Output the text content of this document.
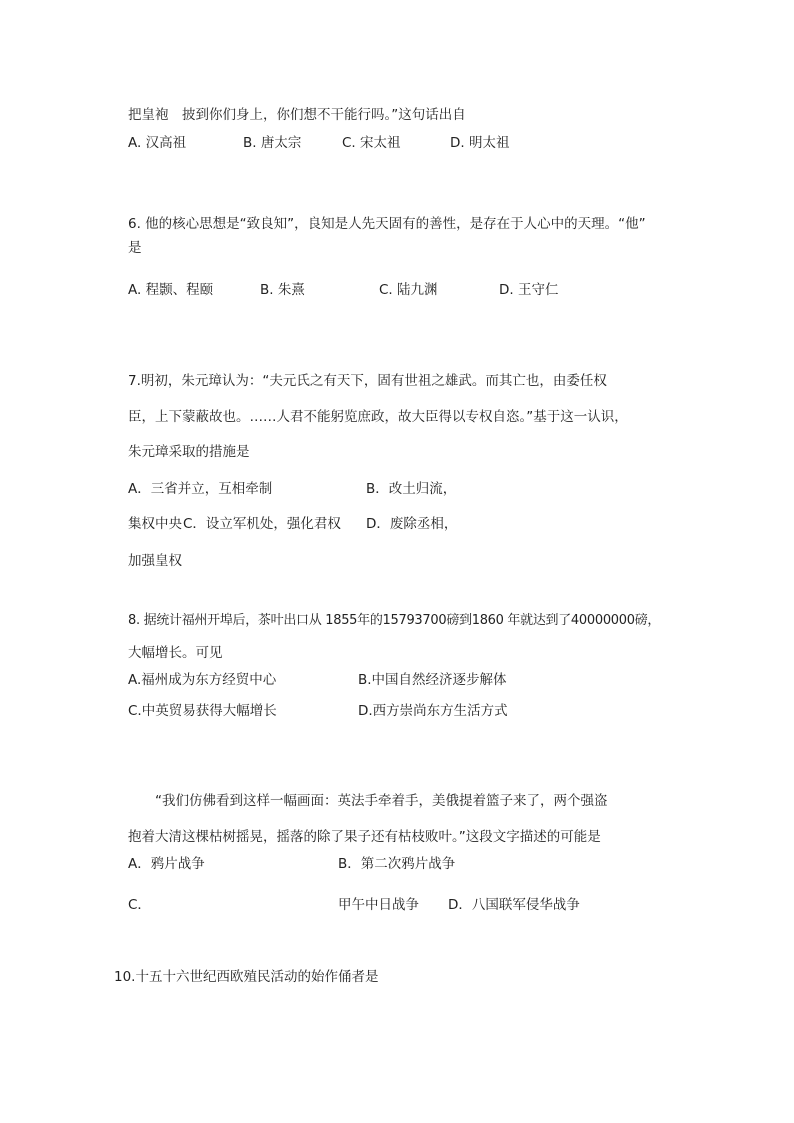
把皇袍　披到你们身上，你们想不干能行吗。”这句话出自
A. 汉高祖	B. 唐太宗	C. 宋太祖	D. 明太祖
6. 他的核心思想是“致良知”，良知是人先天固有的善性，是存在于人心中的天理。“他”
是
A. 程颢、程颐	B. 朱熹	C. 陆九渊	D. 王守仁
7.明初，朱元璋认为：“夫元氏之有天下，固有世祖之雄武。而其亡也，由委任权
臣，上下蒙蔽故也。……人君不能躬览庶政，故大臣得以专权自恣。”基于这一认识，
朱元璋采取的措施是
A．三省并立，互相牵制	B．改土归流，
集权中央 C．设立军机处，强化君权 D．废除丞相，
加强皇权
8. 据统计福州开埠后，茶叶出口从 1855年的15793700磅到1860 年就达到了40000000磅，
大幅增长。可见
A.福州成为东方经贸中心	B.中国自然经济逐步解体
C.中英贸易获得大幅增长	D.西方崇尚东方生活方式
“我们仿佛看到这样一幅画面：英法手牵着手，美俄提着篮子来了，两个强盗
抱着大清这棵枯树摇晃，摇落的除了果子还有枯枝败叶。”这段文字描述的可能是
A．鸦片战争	B．第二次鸦片战争
C．	甲午中日战争 D．八国联军侵华战争
10.十五十六世纪西欧殖民活动的始作俑者是
